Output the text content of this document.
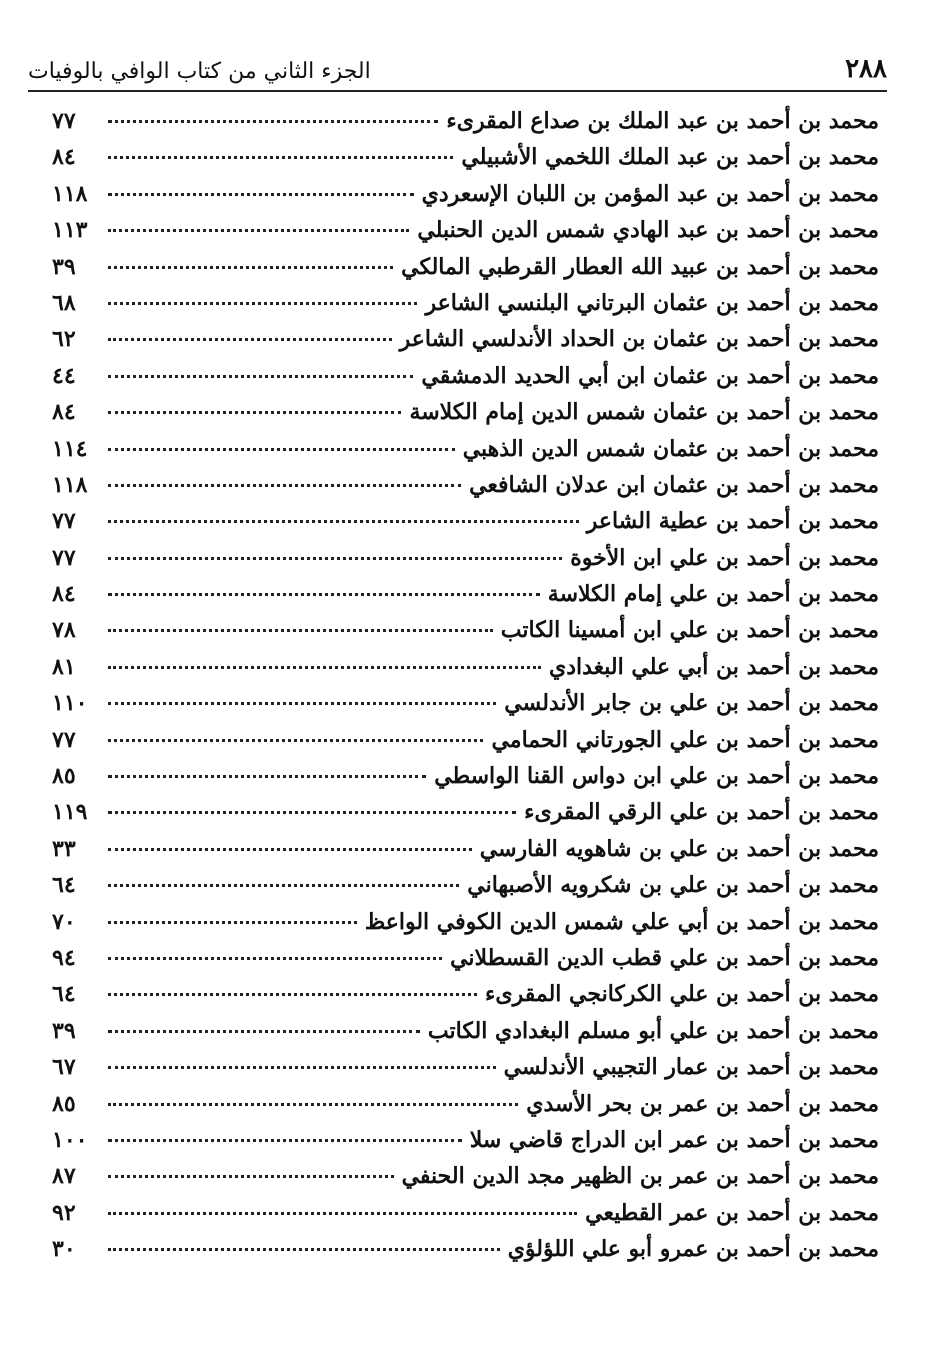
٢٨٨
الجزء الثاني من كتاب الوافي بالوفيات
محمد بن أحمد بن عبد الملك بن صداع المقرىء
٧٧
محمد بن أحمد بن عبد الملك اللخمي الأشبيلي
٨٤
محمد بن أحمد بن عبد المؤمن بن اللبان الإسعردي
١١٨
محمد بن أحمد بن عبد الهادي شمس الدين الحنبلي
١١٣
محمد بن أحمد بن عبيد الله العطار القرطبي المالكي
٣٩
محمد بن أحمد بن عثمان البرتاني البلنسي الشاعر
٦٨
محمد بن أحمد بن عثمان بن الحداد الأندلسي الشاعر
٦٢
محمد بن أحمد بن عثمان ابن أبي الحديد الدمشقي
٤٤
محمد بن أحمد بن عثمان شمس الدين إمام الكلاسة
٨٤
محمد بن أحمد بن عثمان شمس الدين الذهبي
١١٤
محمد بن أحمد بن عثمان ابن عدلان الشافعي
١١٨
محمد بن أحمد بن عطية الشاعر
٧٧
محمد بن أحمد بن علي ابن الأخوة
٧٧
محمد بن أحمد بن علي إمام الكلاسة
٨٤
محمد بن أحمد بن علي ابن أمسينا الكاتب
٧٨
محمد بن أحمد بن أبي علي البغدادي
٨١
محمد بن أحمد بن علي بن جابر الأندلسي
١١٠
محمد بن أحمد بن علي الجورتاني الحمامي
٧٧
محمد بن أحمد بن علي ابن دواس القنا الواسطي
٨٥
محمد بن أحمد بن علي الرقي المقرىء
١١٩
محمد بن أحمد بن علي بن شاهويه الفارسي
٣٣
محمد بن أحمد بن علي بن شكرويه الأصبهاني
٦٤
محمد بن أحمد بن أبي علي شمس الدين الكوفي الواعظ
٧٠
محمد بن أحمد بن علي قطب الدين القسطلاني
٩٤
محمد بن أحمد بن علي الكركانجي المقرىء
٦٤
محمد بن أحمد بن علي أبو مسلم البغدادي الكاتب
٣٩
محمد بن أحمد بن عمار التجيبي الأندلسي
٦٧
محمد بن أحمد بن عمر بن بحر الأسدي
٨٥
محمد بن أحمد بن عمر ابن الدراج قاضي سلا
١٠٠
محمد بن أحمد بن عمر بن الظهير مجد الدين الحنفي
٨٧
محمد بن أحمد بن عمر القطيعي
٩٢
محمد بن أحمد بن عمرو أبو علي اللؤلؤي
٣٠
